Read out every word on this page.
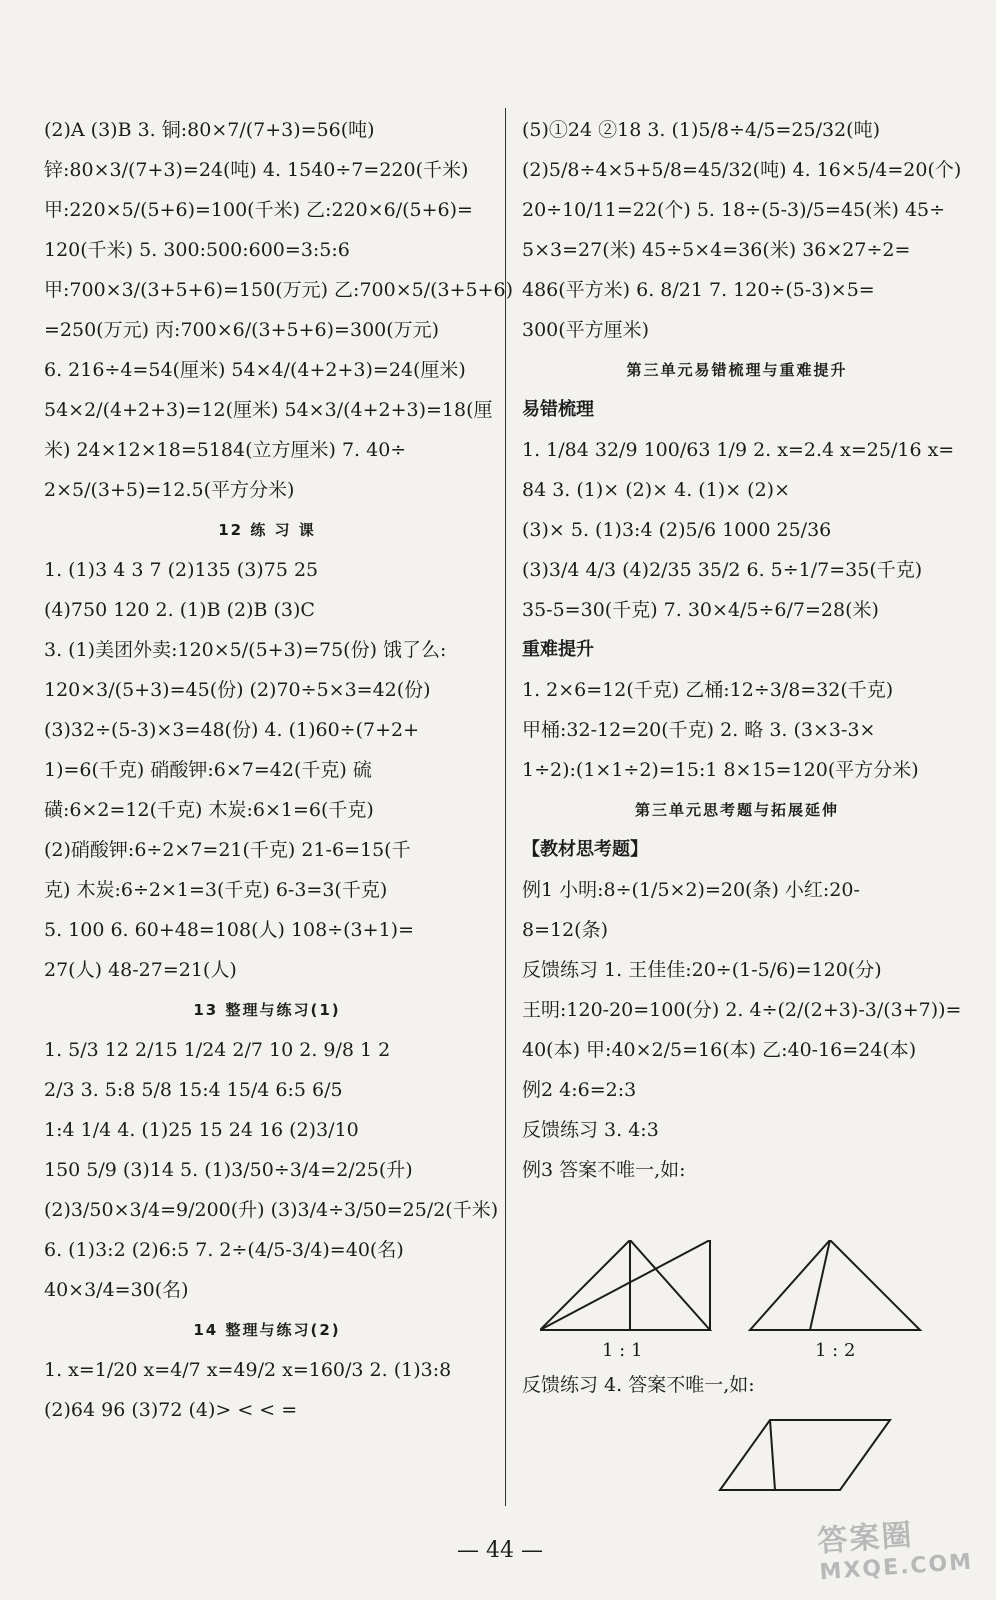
(2)A (3)B 3. 铜:80×7/(7+3)=56(吨)
锌:80×3/(7+3)=24(吨) 4. 1540÷7=220(千米)
甲:220×5/(5+6)=100(千米) 乙:220×6/(5+6)=
120(千米) 5. 300:500:600=3:5:6
甲:700×3/(3+5+6)=150(万元) 乙:700×5/(3+5+6)
=250(万元) 丙:700×6/(3+5+6)=300(万元)
6. 216÷4=54(厘米) 54×4/(4+2+3)=24(厘米)
54×2/(4+2+3)=12(厘米) 54×3/(4+2+3)=18(厘
米) 24×12×18=5184(立方厘米) 7. 40÷
2×5/(3+5)=12.5(平方分米)
12 练 习 课
1. (1)3 4 3 7 (2)135 (3)75 25
(4)750 120 2. (1)B (2)B (3)C
3. (1)美团外卖:120×5/(5+3)=75(份) 饿了么:
120×3/(5+3)=45(份) (2)70÷5×3=42(份)
(3)32÷(5-3)×3=48(份) 4. (1)60÷(7+2+
1)=6(千克) 硝酸钾:6×7=42(千克) 硫
磺:6×2=12(千克) 木炭:6×1=6(千克)
(2)硝酸钾:6÷2×7=21(千克) 21-6=15(千
克) 木炭:6÷2×1=3(千克) 6-3=3(千克)
5. 100 6. 60+48=108(人) 108÷(3+1)=
27(人) 48-27=21(人)
13 整理与练习(1)
1. 5/3 12 2/15 1/24 2/7 10 2. 9/8 1 2
2/3 3. 5:8 5/8 15:4 15/4 6:5 6/5
1:4 1/4 4. (1)25 15 24 16 (2)3/10
150 5/9 (3)14 5. (1)3/50÷3/4=2/25(升)
(2)3/50×3/4=9/200(升) (3)3/4÷3/50=25/2(千米)
6. (1)3:2 (2)6:5 7. 2÷(4/5-3/4)=40(名)
40×3/4=30(名)
14 整理与练习(2)
1. x=1/20 x=4/7 x=49/2 x=160/3 2. (1)3:8
(2)64 96 (3)72 (4)> < < =
(5)①24 ②18 3. (1)5/8÷4/5=25/32(吨)
(2)5/8÷4×5+5/8=45/32(吨) 4. 16×5/4=20(个)
20÷10/11=22(个) 5. 18÷(5-3)/5=45(米) 45÷
5×3=27(米) 45÷5×4=36(米) 36×27÷2=
486(平方米) 6. 8/21 7. 120÷(5-3)×5=
300(平方厘米)
第三单元易错梳理与重难提升
易错梳理
1. 1/84 32/9 100/63 1/9 2. x=2.4 x=25/16 x=
84 3. (1)× (2)× 4. (1)× (2)×
(3)× 5. (1)3:4 (2)5/6 1000 25/36
(3)3/4 4/3 (4)2/35 35/2 6. 5÷1/7=35(千克)
35-5=30(千克) 7. 30×4/5÷6/7=28(米)
重难提升
1. 2×6=12(千克) 乙桶:12÷3/8=32(千克)
甲桶:32-12=20(千克) 2. 略 3. (3×3-3×
1÷2):(1×1÷2)=15:1 8×15=120(平方分米)
第三单元思考题与拓展延伸
【教材思考题】
例1 小明:8÷(1/5×2)=20(条) 小红:20-
8=12(条)
反馈练习 1. 王佳佳:20÷(1-5/6)=120(分)
王明:120-20=100(分) 2. 4÷(2/(2+3)-3/(3+7))=
40(本) 甲:40×2/5=16(本) 乙:40-16=24(本)
例2 4:6=2:3
反馈练习 3. 4:3
例3 答案不唯一,如:
1 : 1	1 : 2
反馈练习 4. 答案不唯一,如:
— 44 —	答案圈
MXQE.COM
